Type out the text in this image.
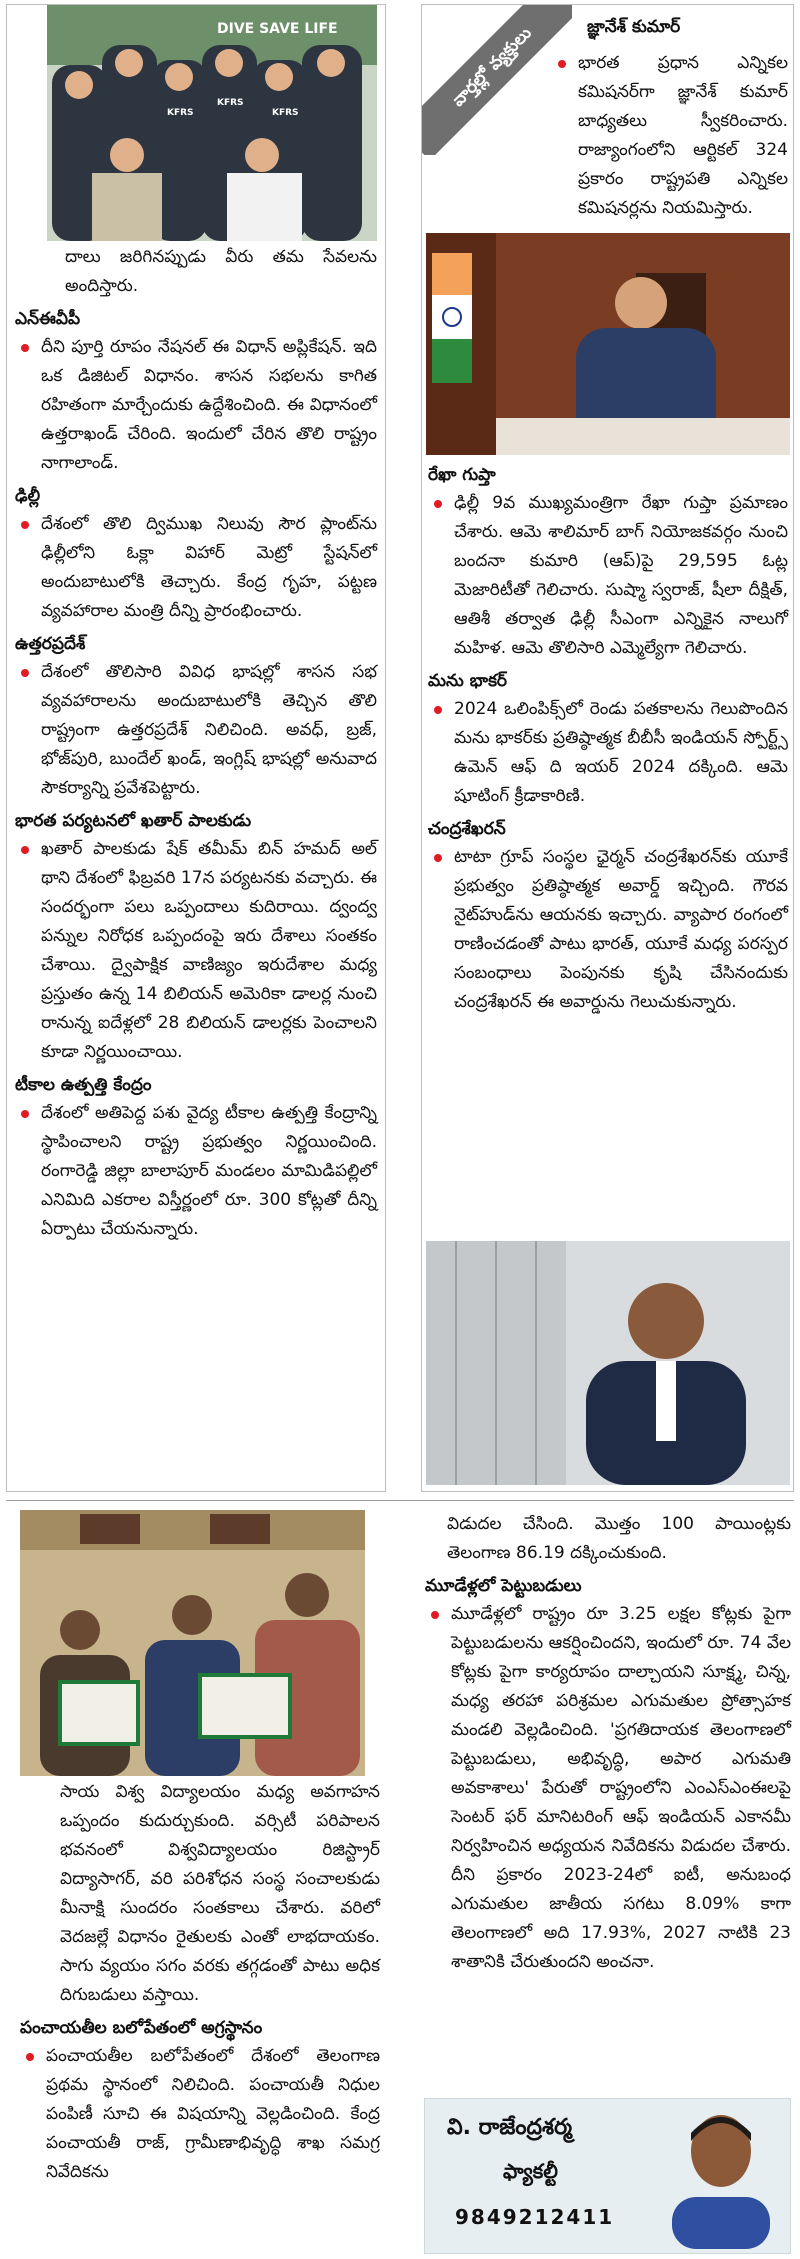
DIVE SAVE LIFE
KFRS
KFRS
KFRS

దాలు జరిగినప్పుడు వీరు తమ సేవలను అందిస్తారు.

ఎన్‌ఈవీపీ

దీని పూర్తి రూపం నేషనల్ ఈ విధాన్ అప్లికేషన్. ఇది ఒక డిజిటల్ విధానం. శాసన సభలను కాగిత రహితంగా మార్చేందుకు ఉద్దేశించింది. ఈ విధానంలో ఉత్తరాఖండ్ చేరింది. ఇందులో చేరిన తొలి రాష్ట్రం నాగాలాండ్.

ఢిల్లీ

దేశంలో తొలి ద్విముఖ నిలువు సౌర ప్లాంట్‌ను ఢిల్లీలోని ఓక్లా విహార్ మెట్రో స్టేషన్‌లో అందుబాటులోకి తెచ్చారు. కేంద్ర గృహ, పట్టణ వ్యవహారాల మంత్రి దీన్ని ప్రారంభించారు.

ఉత్తరప్రదేశ్

దేశంలో తొలిసారి వివిధ భాషల్లో శాసన సభ వ్యవహారాలను అందుబాటులోకి తెచ్చిన తొలి రాష్ట్రంగా ఉత్తరప్రదేశ్ నిలిచింది. అవధ్, బ్రజ్, భోజ్‌పురి, బుందేల్ ఖండ్, ఇంగ్లిష్ భాషల్లో అనువాద సౌకర్యాన్ని ప్రవేశపెట్టారు.

భారత పర్యటనలో ఖతార్ పాలకుడు

ఖతార్ పాలకుడు షేక్ తమీమ్ బిన్ హమద్ అల్ థాని దేశంలో ఫిబ్రవరి 17న పర్యటనకు వచ్చారు. ఈ సందర్భంగా పలు ఒప్పందాలు కుదిరాయి. ద్వంద్వ పన్నుల నిరోధక ఒప్పందంపై ఇరు దేశాలు సంతకం చేశాయి. ద్వైపాక్షిక వాణిజ్యం ఇరుదేశాల మధ్య ప్రస్తుతం ఉన్న 14 బిలియన్ అమెరికా డాలర్ల నుంచి రానున్న ఐదేళ్లలో 28 బిలియన్ డాలర్లకు పెంచాలని కూడా నిర్ణయించాయి.

టీకాల ఉత్పత్తి కేంద్రం

దేశంలో అతిపెద్ద పశు వైద్య టీకాల ఉత్పత్తి కేంద్రాన్ని స్థాపించాలని రాష్ట్ర ప్రభుత్వం నిర్ణయించింది. రంగారెడ్డి జిల్లా బాలాపూర్ మండలం మామిడిపల్లిలో ఎనిమిది ఎకరాల విస్తీర్ణంలో రూ. 300 కోట్లతో దీన్ని ఏర్పాటు చేయనున్నారు.

వార్తల్లో వ్యక్తులు	జ్ఞానేశ్ కుమార్

భారత ప్రధాన ఎన్నికల కమిషనర్‌గా జ్ఞానేశ్ కుమార్ బాధ్యతలు స్వీకరించారు. రాజ్యాంగంలోని ఆర్టికల్ 324 ప్రకారం రాష్ట్రపతి ఎన్నికల కమిషనర్లను నియమిస్తారు.

రేఖా గుప్తా

ఢిల్లీ 9వ ముఖ్యమంత్రిగా రేఖా గుప్తా ప్రమాణం చేశారు. ఆమె శాలిమార్ బాగ్ నియోజకవర్గం నుంచి బందనా కుమారి (ఆప్)పై 29,595 ఓట్ల మెజారిటీతో గెలిచారు. సుష్మా స్వరాజ్, షీలా దీక్షిత్, ఆతిశీ తర్వాత ఢిల్లీ సీఎంగా ఎన్నికైన నాలుగో మహిళ. ఆమె తొలిసారి ఎమ్మెల్యేగా గెలిచారు.

మను భాకర్

2024 ఒలింపిక్స్‌లో రెండు పతకాలను గెలుపొందిన మను భాకర్‌కు ప్రతిష్ఠాత్మక బీబీసీ ఇండియన్ స్పోర్ట్స్ ఉమెన్ ఆఫ్ ది ఇయర్ 2024 దక్కింది. ఆమె షూటింగ్ క్రీడాకారిణి.

చంద్రశేఖరన్

టాటా గ్రూప్ సంస్థల ఛైర్మన్ చంద్రశేఖరన్‌కు యూకే ప్రభుత్వం ప్రతిష్ఠాత్మక అవార్డ్ ఇచ్చింది. గౌరవ నైట్‌హుడ్‌ను ఆయనకు ఇచ్చారు. వ్యాపార రంగంలో రాణించడంతో పాటు భారత్, యూకే మధ్య పరస్పర సంబంధాలు పెంపునకు కృషి చేసినందుకు చంద్రశేఖరన్ ఈ అవార్డును గెలుచుకున్నారు.

సాయ విశ్వ విద్యాలయం మధ్య అవగాహన ఒప్పందం కుదుర్చుకుంది. వర్సిటీ పరిపాలన భవనంలో విశ్వవిద్యాలయం రిజిస్ట్రార్ విద్యాసాగర్, వరి పరిశోధన సంస్థ సంచాలకుడు మీనాక్షి సుందరం సంతకాలు చేశారు. వరిలో వెదజల్లే విధానం రైతులకు ఎంతో లాభదాయకం. సాగు వ్యయం సగం వరకు తగ్గడంతో పాటు అధిక దిగుబడులు వస్తాయి.

పంచాయతీల బలోపేతంలో అగ్రస్థానం

పంచాయతీల బలోపేతంలో దేశంలో తెలంగాణ ప్రథమ స్థానంలో నిలిచింది. పంచాయతీ నిధుల పంపిణీ సూచి ఈ విషయాన్ని వెల్లడించింది. కేంద్ర పంచాయతీ రాజ్, గ్రామీణాభివృద్ధి శాఖ సమగ్ర నివేదికను

విడుదల చేసింది. మొత్తం 100 పాయింట్లకు తెలంగాణ 86.19 దక్కించుకుంది.

మూడేళ్లలో పెట్టుబడులు

మూడేళ్లలో రాష్ట్రం రూ 3.25 లక్షల కోట్లకు పైగా పెట్టుబడులను ఆకర్షించిందని, ఇందులో రూ. 74 వేల కోట్లకు పైగా కార్యరూపం దాల్చాయని సూక్ష్మ, చిన్న, మధ్య తరహా పరిశ్రమల ఎగుమతుల ప్రోత్సాహక మండలి వెల్లడించింది. 'ప్రగతిదాయక తెలంగాణలో పెట్టుబడులు, అభివృద్ధి, అపార ఎగుమతి అవకాశాలు' పేరుతో రాష్ట్రంలోని ఎంఎస్‌ఎంఈలపై సెంటర్ ఫర్ మానిటరింగ్ ఆఫ్ ఇండియన్ ఎకానమీ నిర్వహించిన అధ్యయన నివేదికను విడుదల చేశారు. దీని ప్రకారం 2023-24లో ఐటీ, అనుబంధ ఎగుమతుల జాతీయ సగటు 8.09% కాగా తెలంగాణలో అది 17.93%, 2027 నాటికి 23 శాతానికి చేరుతుందని అంచనా.

వి. రాజేంద్రశర్మ
ఫ్యాకల్టీ
9849212411
